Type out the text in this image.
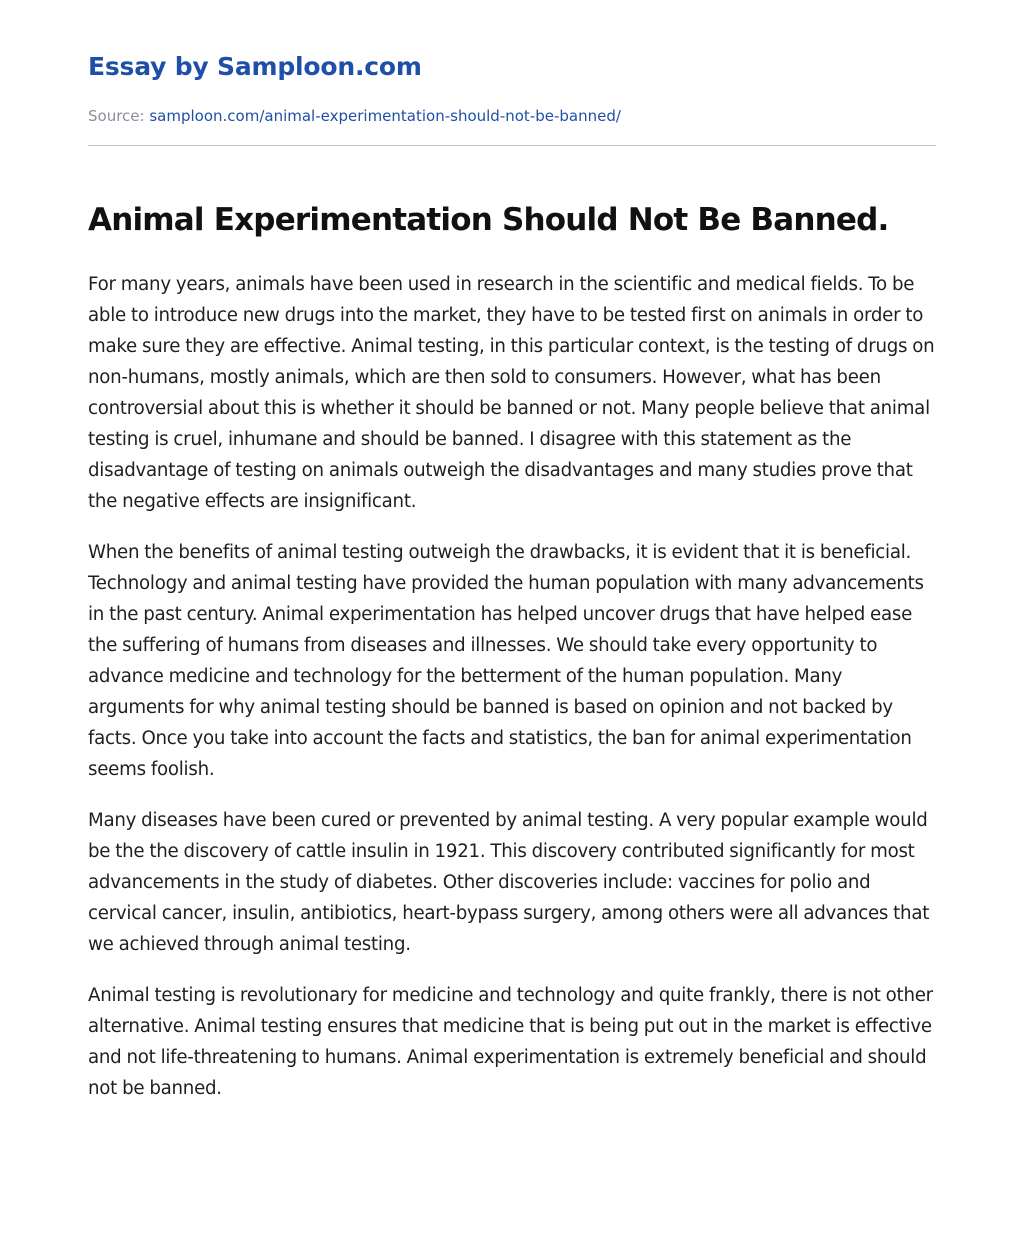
Essay by Samploon.com
Source: samploon.com/animal-experimentation-should-not-be-banned/
Animal Experimentation Should Not Be Banned.

For many years, animals have been used in research in the scientific and medical fields. To be able to introduce new drugs into the market, they have to be tested first on animals in order to make sure they are effective. Animal testing, in this particular context, is the testing of drugs on non-humans, mostly animals, which are then sold to consumers. However, what has been controversial about this is whether it should be banned or not. Many people believe that animal testing is cruel, inhumane and should be banned. I disagree with this statement as the disadvantage of testing on animals outweigh the disadvantages and many studies prove that the negative effects are insignificant.

When the benefits of animal testing outweigh the drawbacks, it is evident that it is beneficial. Technology and animal testing have provided the human population with many advancements in the past century. Animal experimentation has helped uncover drugs that have helped ease the suffering of humans from diseases and illnesses. We should take every opportunity to advance medicine and technology for the betterment of the human population. Many arguments for why animal testing should be banned is based on opinion and not backed by facts. Once you take into account the facts and statistics, the ban for animal experimentation seems foolish.

Many diseases have been cured or prevented by animal testing. A very popular example would be the the discovery of cattle insulin in 1921. This discovery contributed significantly for most advancements in the study of diabetes. Other discoveries include: vaccines for polio and cervical cancer, insulin, antibiotics, heart-bypass surgery, among others were all advances that we achieved through animal testing.

Animal testing is revolutionary for medicine and technology and quite frankly, there is not other alternative. Animal testing ensures that medicine that is being put out in the market is effective and not life-threatening to humans. Animal experimentation is extremely beneficial and should not be banned.
